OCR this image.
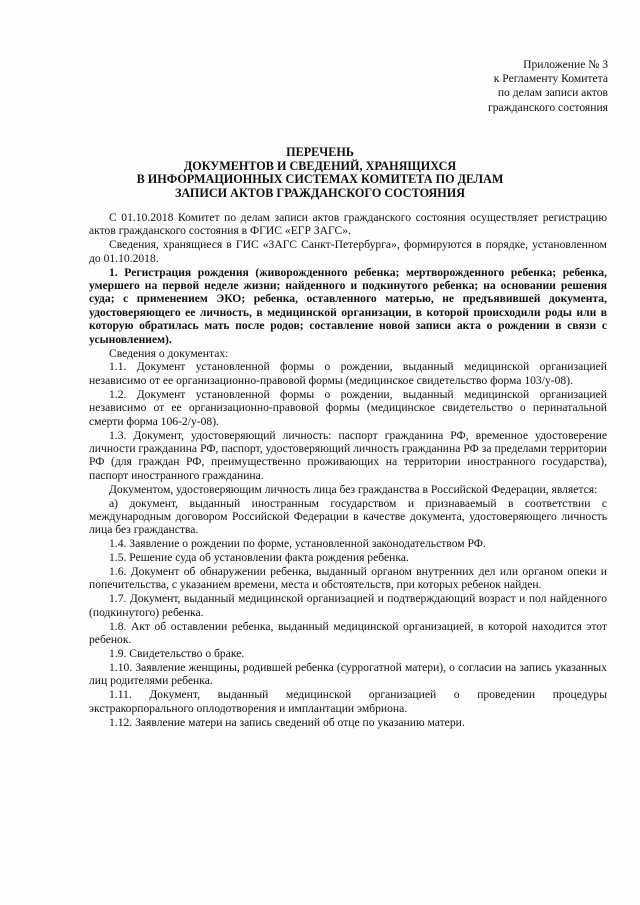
Приложение № 3
к Регламенту Комитета
по делам записи актов
гражданского состояния
ПЕРЕЧЕНЬ
ДОКУМЕНТОВ И СВЕДЕНИЙ, ХРАНЯЩИХСЯ
В ИНФОРМАЦИОННЫХ СИСТЕМАХ КОМИТЕТА ПО ДЕЛАМ
ЗАПИСИ АКТОВ ГРАЖДАНСКОГО СОСТОЯНИЯ

С 01.10.2018 Комитет по делам записи актов гражданского состояния осуществляет регистрацию актов гражданского состояния в ФГИС «ЕГР ЗАГС».

Сведения, хранящиеся в ГИС «ЗАГС Санкт-Петербурга», формируются в порядке, установленном до 01.10.2018.

1. Регистрация рождения (живорожденного ребенка; мертворожденного ребенка; ребенка, умершего на первой неделе жизни; найденного и подкинутого ребенка; на основании решения суда; с применением ЭКО; ребенка, оставленного матерью, не предъявившей документа, удостоверяющего ее личность, в медицинской организации, в которой происходили роды или в которую обратилась мать после родов; составление новой записи акта о рождении в связи с усыновлением).

Сведения о документах:

1.1. Документ установленной формы о рождении, выданный медицинской организацией независимо от ее организационно-правовой формы (медицинское свидетельство форма 103/у-08).

1.2. Документ установленной формы о рождении, выданный медицинской организацией независимо от ее организационно-правовой формы (медицинское свидетельство о перинатальной смерти форма 106-2/у-08).

1.3. Документ, удостоверяющий личность: паспорт гражданина РФ, временное удостоверение личности гражданина РФ, паспорт, удостоверяющий личность гражданина РФ за пределами территории РФ (для граждан РФ, преимущественно проживающих на территории иностранного государства), паспорт иностранного гражданина.

Документом, удостоверяющим личность лица без гражданства в Российской Федерации, является:

а) документ, выданный иностранным государством и признаваемый в соответствии с международным договором Российской Федерации в качестве документа, удостоверяющего личность лица без гражданства.

1.4. Заявление о рождении по форме, установленной законодательством РФ.

1.5. Решение суда об установлении факта рождения ребенка.

1.6. Документ об обнаружении ребенка, выданный органом внутренних дел или органом опеки и попечительства, с указанием времени, места и обстоятельств, при которых ребенок найден.

1.7. Документ, выданный медицинской организацией и подтверждающий возраст и пол найденного (подкинутого) ребенка.

1.8. Акт об оставлении ребенка, выданный медицинской организацией, в которой находится этот ребенок.

1.9. Свидетельство о браке.

1.10. Заявление женщины, родившей ребенка (суррогатной матери), о согласии на запись указанных лиц родителями ребенка.

1.11. Документ, выданный медицинской организацией о проведении процедуры экстракорпорального оплодотворения и имплантации эмбриона.

1.12. Заявление матери на запись сведений об отце по указанию матери.
